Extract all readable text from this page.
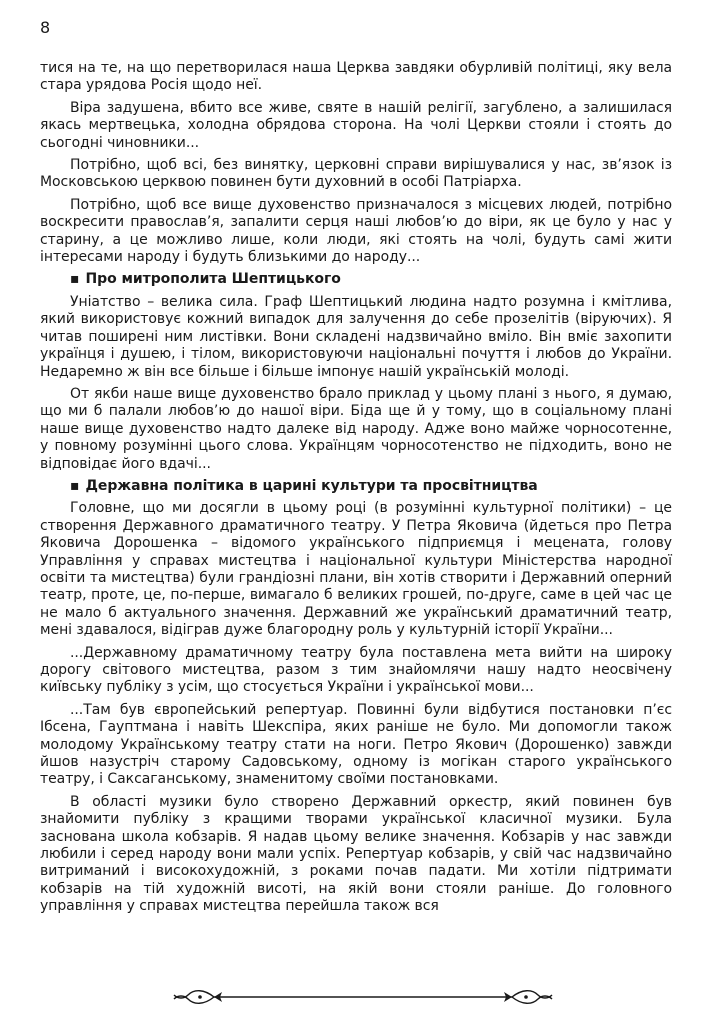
8

тися на те, на що перетворилася наша Церква завдяки обурливій політиці, яку вела стара урядова Росія щодо неї.

Віра задушена, вбито все живе, святе в нашій релігії, загублено, а залишилася якась мертвецька, холодна обрядова сторона. На чолі Церкви стояли і стоять до сьогодні чиновники...

Потрібно, щоб всі, без винятку, церковні справи вирішувалися у нас, зв’язок із Московською церквою повинен бути духовний в особі Патріарха.

Потрібно, щоб все вище духовенство призначалося з місцевих людей, потрібно воскресити православ’я, запалити серця наші любов’ю до віри, як це було у нас у старину, а це можливо лише, коли люди, які стоять на чолі, будуть самі жити інтересами народу і будуть близькими до народу...

▪ Про митрополита Шептицького

Уніатство – велика сила. Граф Шептицький людина надто розумна і кмітлива, який використовує кожний випадок для залучення до себе прозелітів (віруючих). Я читав поширені ним листівки. Вони складені надзвичайно вміло. Він вміє захопити українця і душею, і тілом, використовуючи національні почуття і любов до України. Недаремно ж він все більше і більше імпонує нашій українській молоді.

От якби наше вище духовенство брало приклад у цьому плані з нього, я думаю, що ми б палали любов’ю до нашої віри. Біда ще й у тому, що в соціальному плані наше вище духовенство надто далеке від народу. Адже воно майже чорносотенне, у повному розумінні цього слова. Українцям чорносотенство не підходить, воно не відповідає його вдачі...

▪ Державна політика в царині культури та просвітництва

Головне, що ми досягли в цьому році (в розумінні культурної політики) – це створення Державного драматичного театру. У Петра Яковича (йдеться про Петра Яковича Дорошенка – відомого українського підприємця і мецената, голову Управління у справах мистецтва і національної культури Міністерства народної освіти та мистецтва) були грандіозні плани, він хотів створити і Державний оперний театр, проте, це, по-перше, вимагало б великих грошей, по-друге, саме в цей час це не мало б актуального значення. Державний же український драматичний театр, мені здавалося, відіграв дуже благородну роль у культурній історії України...

...Державному драматичному театру була поставлена мета вийти на широку дорогу світового мистецтва, разом з тим знайомлячи нашу надто неосвічену київську публіку з усім, що стосується України і української мови...

...Там був європейський репертуар. Повинні були відбутися постановки п’єс Ібсена, Гауптмана і навіть Шекспіра, яких раніше не було. Ми допомогли також молодому Українському театру стати на ноги. Петро Якович (Дорошенко) завжди йшов назустріч старому Садовському, одному із могікан старого українського театру, і Саксаганському, знаменитому своїми постановками.

В області музики було створено Державний оркестр, який повинен був знайомити публіку з кращими творами української класичної музики. Була заснована школа кобзарів. Я надав цьому велике значення. Кобзарів у нас завжди любили і серед народу вони мали успіх. Репертуар кобзарів, у свій час надзвичайно витриманий і високохудожній, з роками почав падати. Ми хотіли підтримати кобзарів на тій художній висоті, на якій вони стояли раніше. До головного управління у справах мистецтва перейшла також вся
